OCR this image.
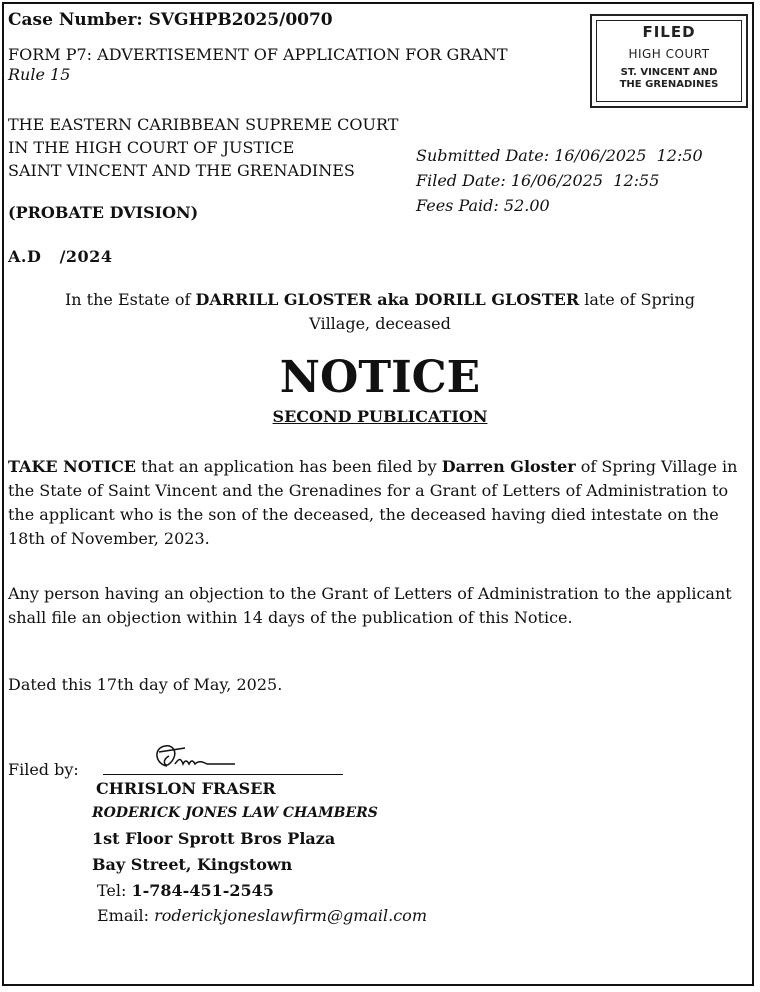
Case Number: SVGHPB2025/0070
FORM P7: ADVERTISEMENT OF APPLICATION FOR GRANT
Rule 15
THE EASTERN CARIBBEAN SUPREME COURT
IN THE HIGH COURT OF JUSTICE
SAINT VINCENT AND THE GRENADINES
(PROBATE DVISION)
A.D   /2024
Submitted Date: 16/06/2025  12:50
Filed Date: 16/06/2025  12:55
Fees Paid: 52.00
FILED
HIGH COURT
ST. VINCENT AND
THE GRENADINES
In the Estate of DARRILL GLOSTER aka DORILL GLOSTER late of Spring Village, deceased
NOTICE
SECOND PUBLICATION
TAKE NOTICE that an application has been filed by Darren Gloster of Spring Village in the State of Saint Vincent and the Grenadines for a Grant of Letters of Administration to the applicant who is the son of the deceased, the deceased having died intestate on the 18th of November, 2023.
Any person having an objection to the Grant of Letters of Administration to the applicant shall file an objection within 14 days of the publication of this Notice.
Dated this 17th day of May, 2025.
Filed by:
CHRISLON FRASER
RODERICK JONES LAW CHAMBERS
1st Floor Sprott Bros Plaza
Bay Street, Kingstown
Tel: 1-784-451-2545
Email: roderickjoneslawfirm@gmail.com
